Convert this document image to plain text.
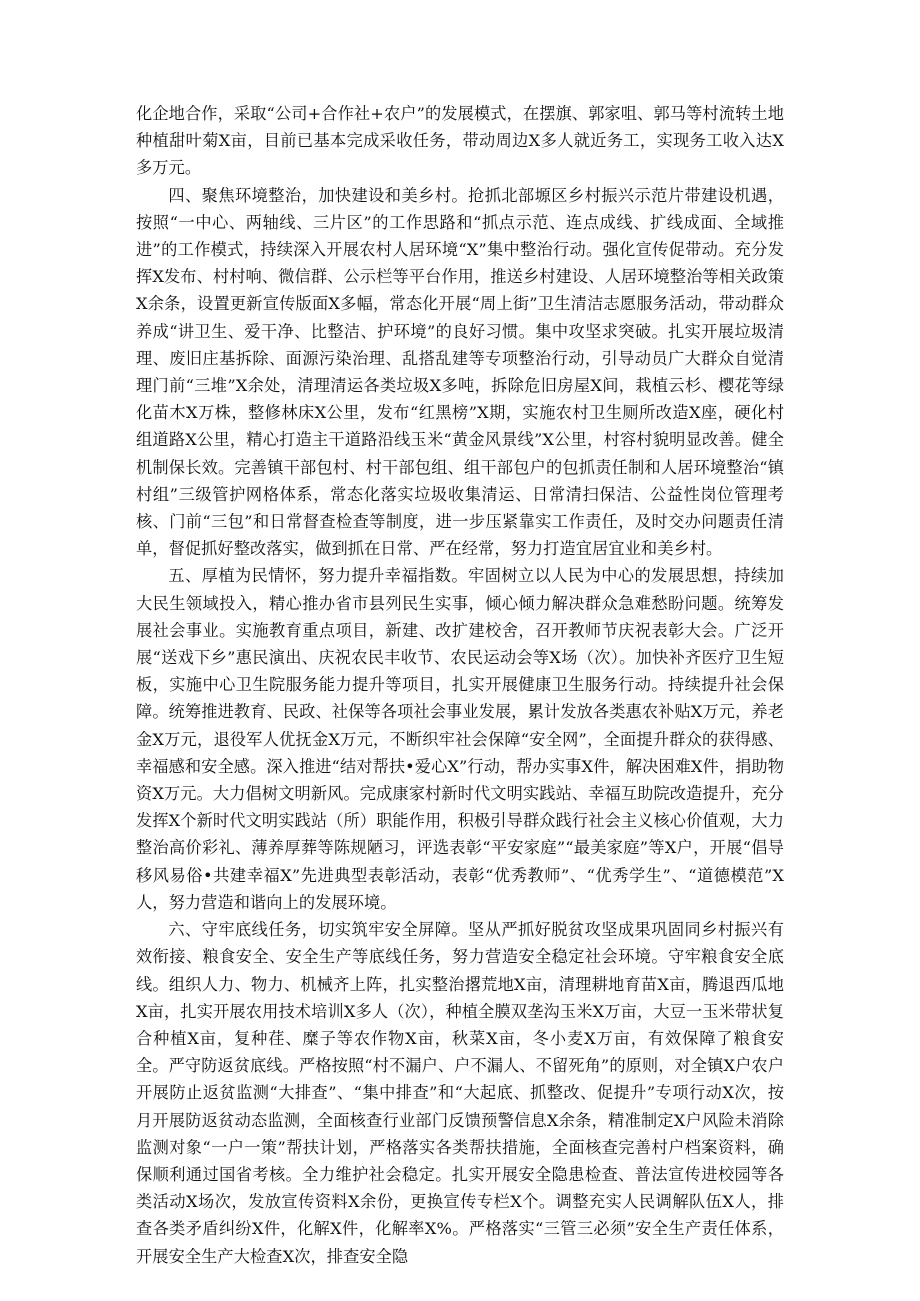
化企地合作，采取“公司+合作社+农户”的发展模式，在摆旗、郭家咀、郭马等村流转土地种植甜叶菊X亩，目前已基本完成采收任务，带动周边X多人就近务工，实现务工收入达X多万元。

四、聚焦环境整治，加快建设和美乡村。抢抓北部塬区乡村振兴示范片带建设机遇，按照“一中心、两轴线、三片区”的工作思路和“抓点示范、连点成线、扩线成面、全域推进”的工作模式，持续深入开展农村人居环境“X”集中整治行动。强化宣传促带动。充分发挥X发布、村村响、微信群、公示栏等平台作用，推送乡村建设、人居环境整治等相关政策X余条，设置更新宣传版面X多幅，常态化开展“周上街”卫生清洁志愿服务活动，带动群众养成“讲卫生、爱干净、比整洁、护环境”的良好习惯。集中攻坚求突破。扎实开展垃圾清理、废旧庄基拆除、面源污染治理、乱搭乱建等专项整治行动，引导动员广大群众自觉清理门前“三堆”X余处，清理清运各类垃圾X多吨，拆除危旧房屋X间，栽植云杉、樱花等绿化苗木X万株，整修林床X公里，发布“红黑榜”X期，实施农村卫生厕所改造X座，硬化村组道路X公里，精心打造主干道路沿线玉米“黄金风景线”X公里，村容村貌明显改善。健全机制保长效。完善镇干部包村、村干部包组、组干部包户的包抓责任制和人居环境整治“镇村组”三级管护网格体系，常态化落实垃圾收集清运、日常清扫保洁、公益性岗位管理考核、门前“三包”和日常督查检查等制度，进一步压紧靠实工作责任，及时交办问题责任清单，督促抓好整改落实，做到抓在日常、严在经常，努力打造宜居宜业和美乡村。

五、厚植为民情怀，努力提升幸福指数。牢固树立以人民为中心的发展思想，持续加大民生领域投入，精心推办省市县列民生实事，倾心倾力解决群众急难愁盼问题。统筹发展社会事业。实施教育重点项目，新建、改扩建校舍，召开教师节庆祝表彰大会。广泛开展“送戏下乡”惠民演出、庆祝农民丰收节、农民运动会等X场（次）。加快补齐医疗卫生短板，实施中心卫生院服务能力提升等项目，扎实开展健康卫生服务行动。持续提升社会保障。统筹推进教育、民政、社保等各项社会事业发展，累计发放各类惠农补贴X万元，养老金X万元，退役军人优抚金X万元，不断织牢社会保障“安全网”，全面提升群众的获得感、幸福感和安全感。深入推进“结对帮扶•爱心X”行动，帮办实事X件，解决困难X件，捐助物资X万元。大力倡树文明新风。完成康家村新时代文明实践站、幸福互助院改造提升，充分发挥X个新时代文明实践站（所）职能作用，积极引导群众践行社会主义核心价值观，大力整治高价彩礼、薄养厚葬等陈规陋习，评选表彰“平安家庭”“最美家庭”等X户，开展“倡导移风易俗•共建幸福X”先进典型表彰活动，表彰“优秀教师”、“优秀学生”、“道德模范”X人，努力营造和谐向上的发展环境。

六、守牢底线任务，切实筑牢安全屏障。坚从严抓好脱贫攻坚成果巩固同乡村振兴有效衔接、粮食安全、安全生产等底线任务，努力营造安全稳定社会环境。守牢粮食安全底线。组织人力、物力、机械齐上阵，扎实整治撂荒地X亩，清理耕地育苗X亩，腾退西瓜地X亩，扎实开展农用技术培训X多人（次），种植全膜双垄沟玉米X万亩，大豆一玉米带状复合种植X亩，复种荏、糜子等农作物X亩，秋菜X亩，冬小麦X万亩，有效保障了粮食安全。严守防返贫底线。严格按照“村不漏户、户不漏人、不留死角”的原则，对全镇X户农户开展防止返贫监测“大排查”、“集中排查”和“大起底、抓整改、促提升”专项行动X次，按月开展防返贫动态监测，全面核查行业部门反馈预警信息X余条，精准制定X户风险未消除监测对象“一户一策”帮扶计划，严格落实各类帮扶措施，全面核查完善村户档案资料，确保顺利通过国省考核。全力维护社会稳定。扎实开展安全隐患检查、普法宣传进校园等各类活动X场次，发放宣传资料X余份，更换宣传专栏X个。调整充实人民调解队伍X人，排查各类矛盾纠纷X件，化解X件，化解率X%。严格落实“三管三必须”安全生产责任体系，开展安全生产大检查X次，排查安全隐
